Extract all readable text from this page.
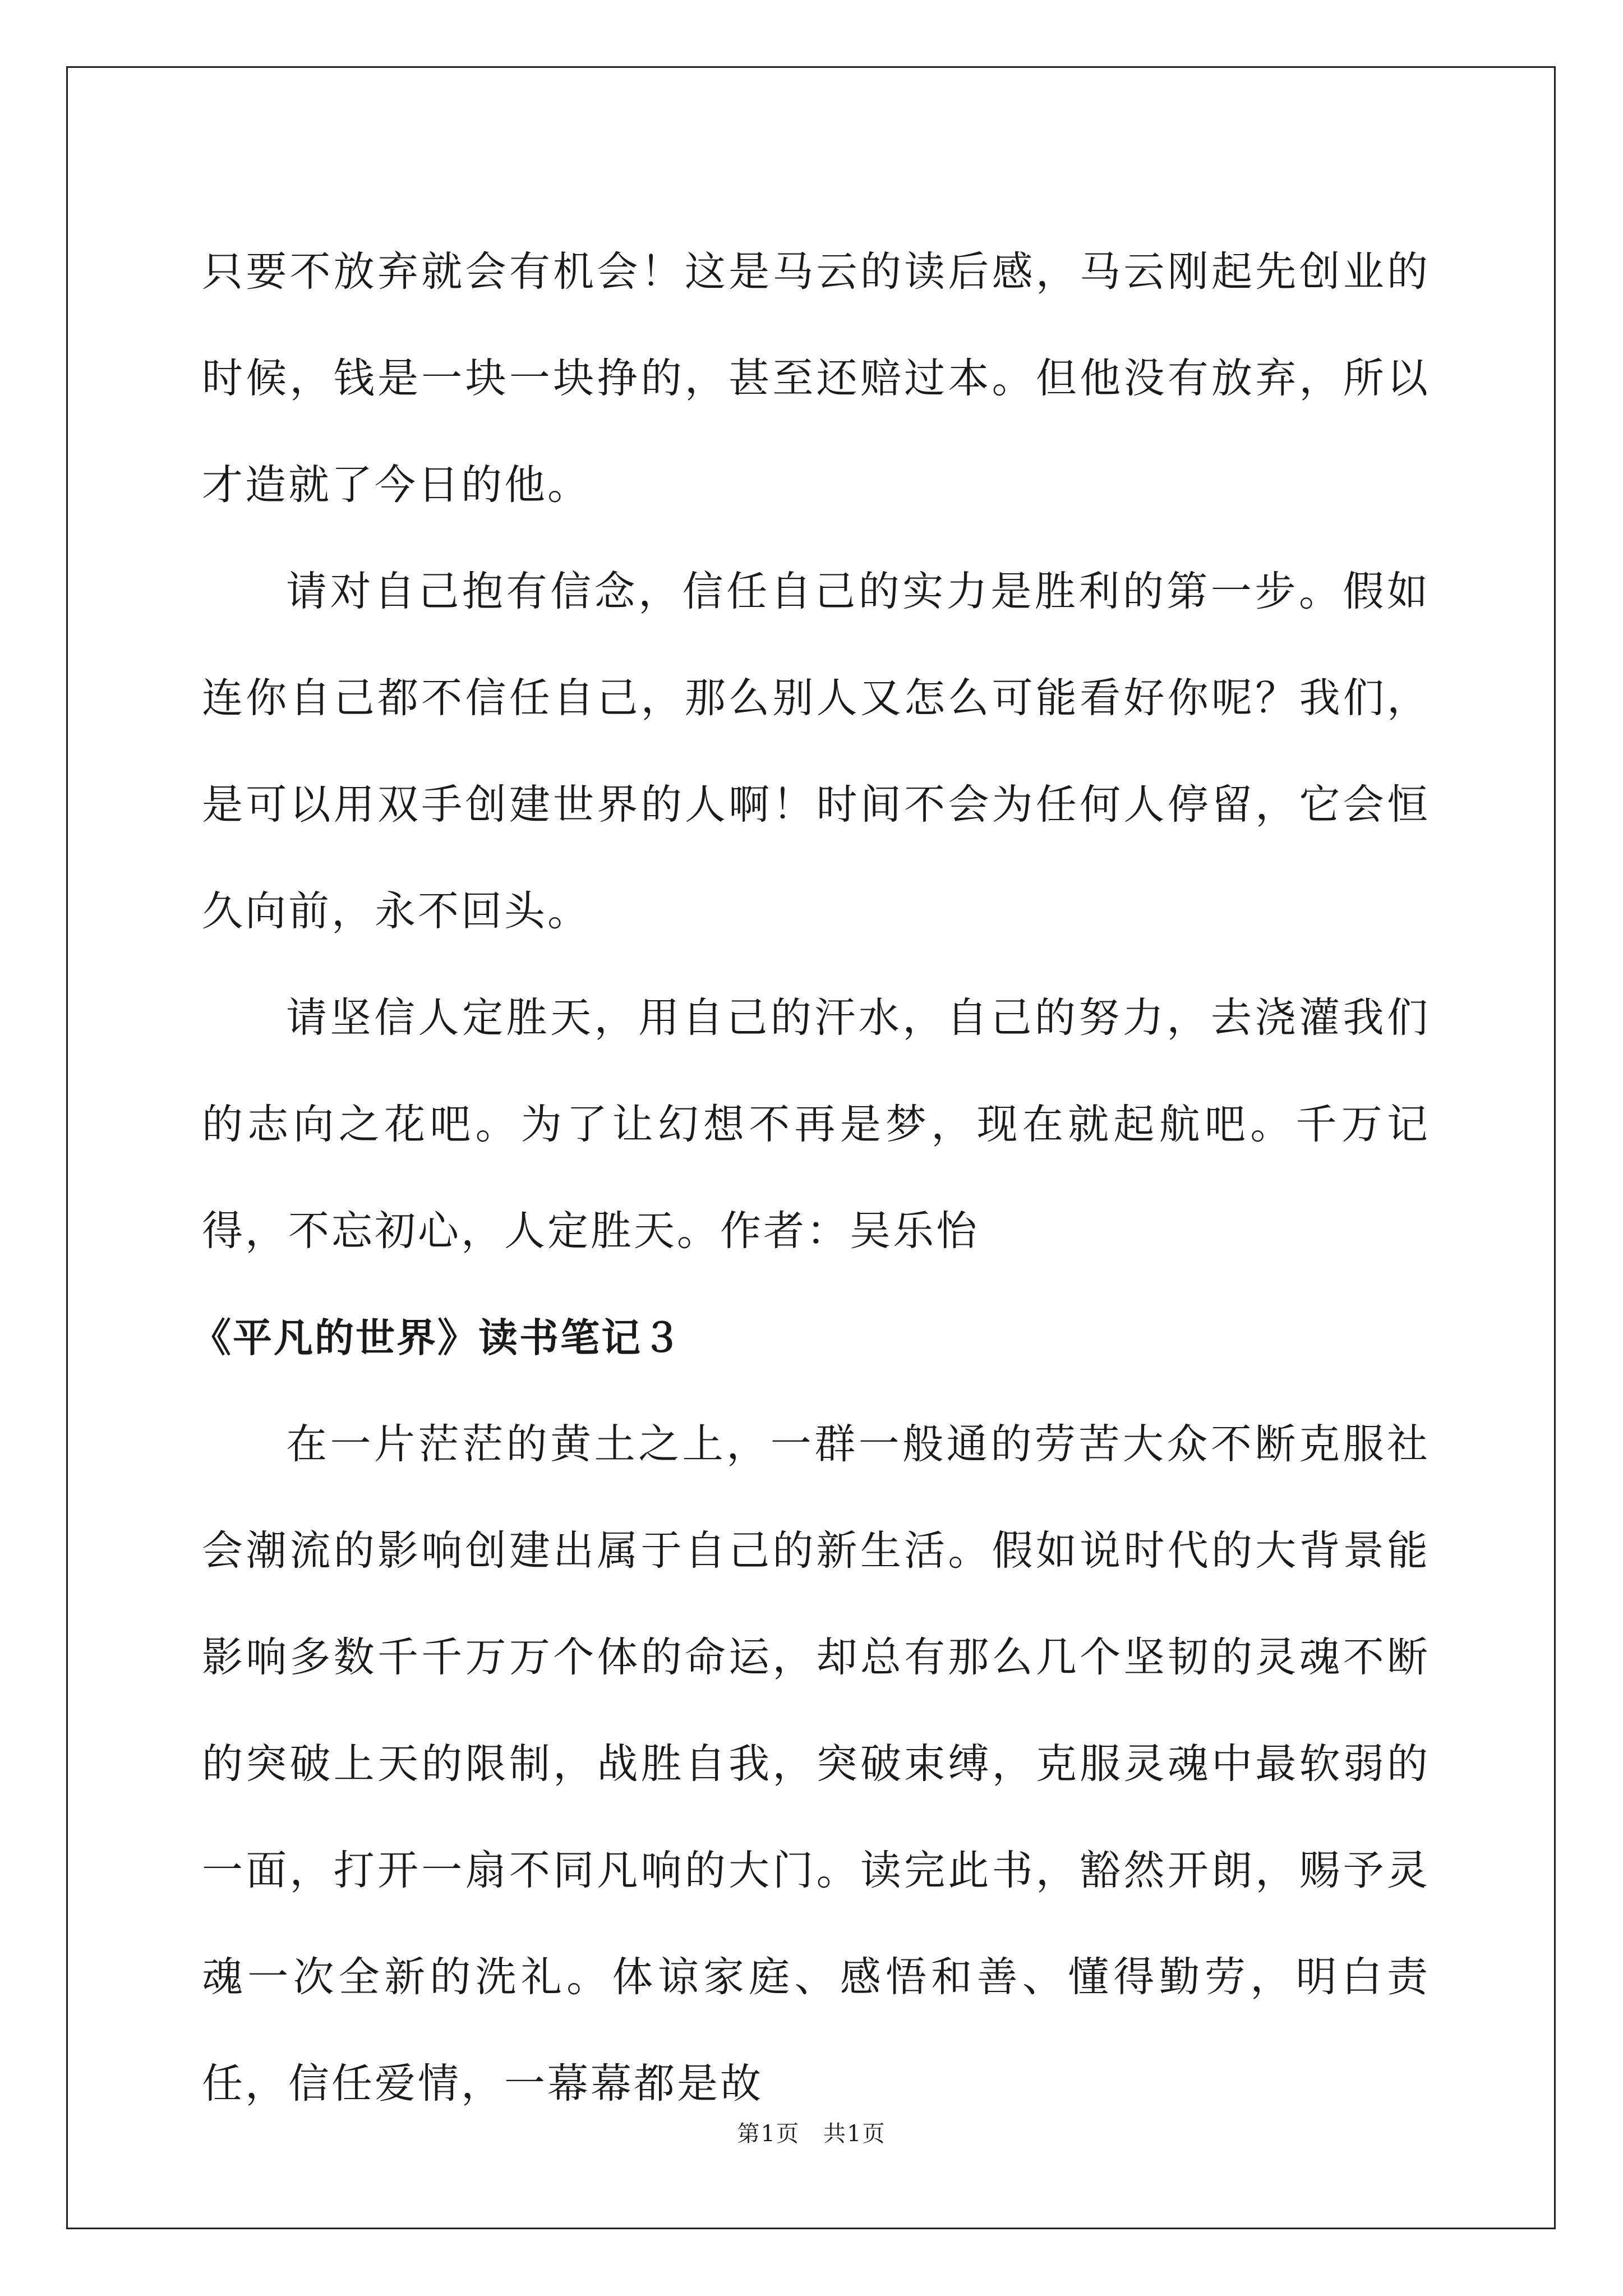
只要不放弃就会有机会！这是马云的读后感，马云刚起先创业的时候，钱是一块一块挣的，甚至还赔过本。但他没有放弃，所以才造就了今日的他。

请对自己抱有信念，信任自己的实力是胜利的第一步。假如连你自己都不信任自己，那么别人又怎么可能看好你呢？我们，是可以用双手创建世界的人啊！时间不会为任何人停留，它会恒久向前，永不回头。

请坚信人定胜天，用自己的汗水，自己的努力，去浇灌我们的志向之花吧。为了让幻想不再是梦，现在就起航吧。千万记得，不忘初心，人定胜天。作者：吴乐怡

《平凡的世界》读书笔记３

在一片茫茫的黄土之上，一群一般通的劳苦大众不断克服社会潮流的影响创建出属于自己的新生活。假如说时代的大背景能影响多数千千万万个体的命运，却总有那么几个坚韧的灵魂不断的突破上天的限制，战胜自我，突破束缚，克服灵魂中最软弱的一面，打开一扇不同凡响的大门。读完此书，豁然开朗，赐予灵魂一次全新的洗礼。体谅家庭、感悟和善、懂得勤劳，明白责任，信任爱情，一幕幕都是故

第1页　共1页
